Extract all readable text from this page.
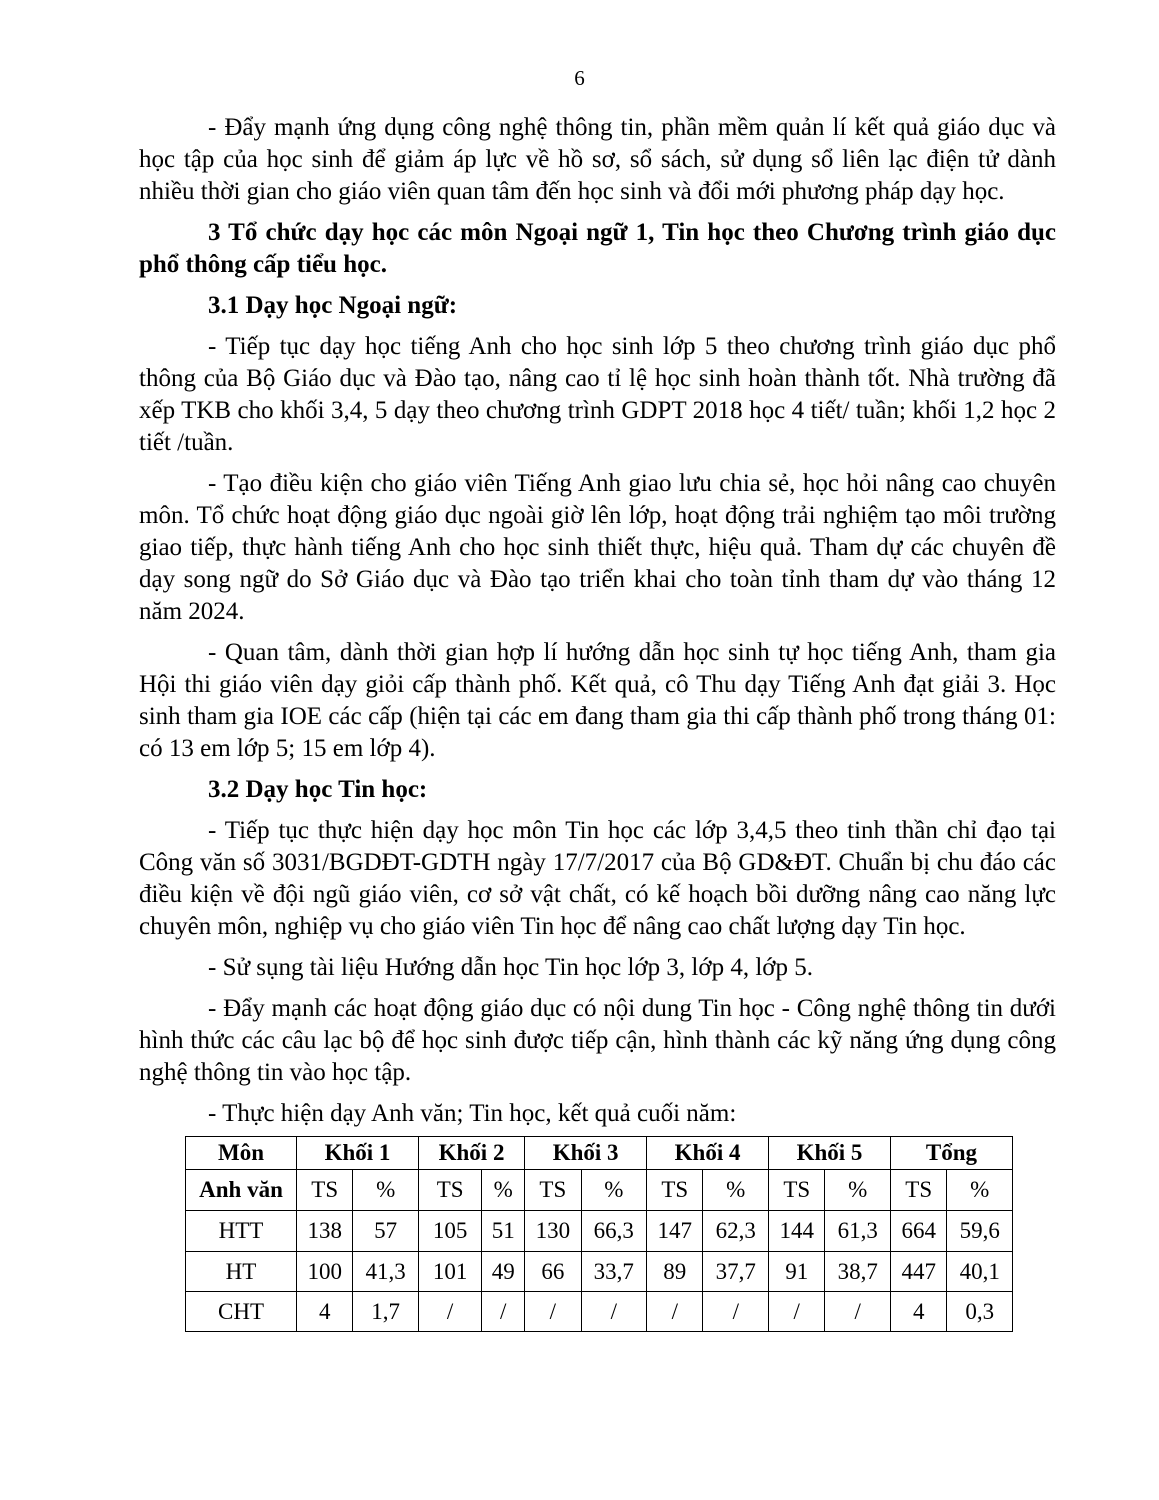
6

- Đẩy mạnh ứng dụng công nghệ thông tin, phần mềm quản lí kết quả giáo dục và học tập của học sinh để giảm áp lực về hồ sơ, sổ sách, sử dụng sổ liên lạc điện tử dành nhiều thời gian cho giáo viên quan tâm đến học sinh và đổi mới phương pháp dạy học.

3 Tổ chức dạy học các môn Ngoại ngữ 1, Tin học theo Chương trình giáo dục phổ thông cấp tiểu học.

3.1 Dạy học Ngoại ngữ:

- Tiếp tục dạy học tiếng Anh cho học sinh lớp 5 theo chương trình giáo dục phổ thông của Bộ Giáo dục và Đào tạo, nâng cao tỉ lệ học sinh hoàn thành tốt. Nhà trường đã xếp TKB cho khối 3,4, 5 dạy theo chương trình GDPT 2018 học 4 tiết/ tuần; khối 1,2 học 2 tiết /tuần.

- Tạo điều kiện cho giáo viên Tiếng Anh giao lưu chia sẻ, học hỏi nâng cao chuyên môn. Tổ chức hoạt động giáo dục ngoài giờ lên lớp, hoạt động trải nghiệm tạo môi trường giao tiếp, thực hành tiếng Anh cho học sinh thiết thực, hiệu quả. Tham dự các chuyên đề dạy song ngữ do Sở Giáo dục và Đào tạo triển khai cho toàn tỉnh tham dự vào tháng 12 năm 2024.

- Quan tâm, dành thời gian hợp lí hướng dẫn học sinh tự học tiếng Anh, tham gia Hội thi giáo viên dạy giỏi cấp thành phố. Kết quả, cô Thu dạy Tiếng Anh đạt giải 3. Học sinh tham gia IOE các cấp (hiện tại các em đang tham gia thi cấp thành phố trong tháng 01: có 13 em lớp 5; 15 em lớp 4).

3.2 Dạy học Tin học:

- Tiếp tục thực hiện dạy học môn Tin học các lớp 3,4,5 theo tinh thần chỉ đạo tại Công văn số 3031/BGDĐT-GDTH ngày 17/7/2017 của Bộ GD&ĐT. Chuẩn bị chu đáo các điều kiện về đội ngũ giáo viên, cơ sở vật chất, có kế hoạch bồi dưỡng nâng cao năng lực chuyên môn, nghiệp vụ cho giáo viên Tin học để nâng cao chất lượng dạy Tin học.

- Sử sụng tài liệu Hướng dẫn học Tin học lớp 3, lớp 4, lớp 5.

- Đẩy mạnh các hoạt động giáo dục có nội dung Tin học - Công nghệ thông tin dưới hình thức các câu lạc bộ để học sinh được tiếp cận, hình thành các kỹ năng ứng dụng công nghệ thông tin vào học tập.

- Thực hiện dạy Anh văn; Tin học, kết quả cuối năm:

Môn	Khối 1		Khối 2		Khối 3		Khối 4		Khối 5		Tổng	
Anh văn	TS	%	TS	%	TS	%	TS	%	TS	%	TS	%
HTT	138	57	105	51	130	66,3	147	62,3	144	61,3	664	59,6
HT	100	41,3	101	49	66	33,7	89	37,7	91	38,7	447	40,1
CHT	4	1,7	/	/	/	/	/	/	/	/	4	0,3
